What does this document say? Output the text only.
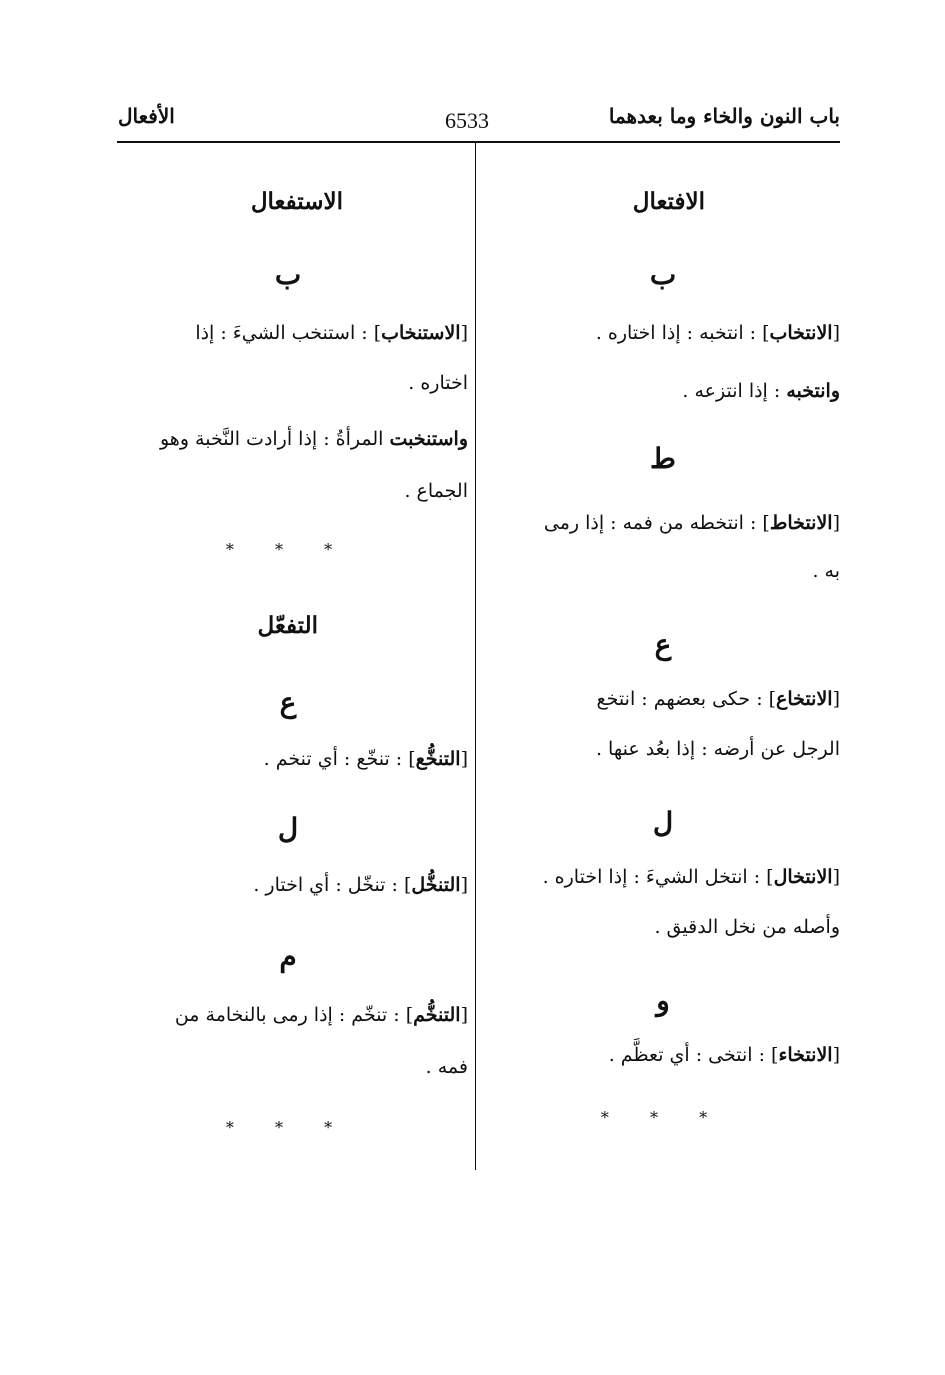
باب النون والخاء وما بعدهما
6533
الأفعال
الافتعال
ب
[الانتخاب] : انتخبه : إذا اختاره .
وانتخبه : إذا انتزعه .
ط
[الانتخاط] : انتخطه من فمه : إذا رمى
به .
ع
[الانتخاع] : حكى بعضهم : انتخع
الرجل عن أرضه : إذا بعُد عنها .
ل
[الانتخال] : انتخل الشيءَ : إذا اختاره .
وأصله من نخل الدقيق .
و
[الانتخاء] : انتخى : أي تعظَّم .
* * *
الاستفعال
ب
[الاستنخاب] : استنخب الشيءَ : إذا
اختاره .
واستنخبت المرأةُ : إذا أرادت النَّخبة وهو
الجماع .
* * *
التفعّل
ع
[التنخُّع] : تنخّع : أي تنخم .
ل
[التنخُّل] : تنخّل : أي اختار .
م
[التنخُّم] : تنخّم : إذا رمى بالنخامة من
فمه .
* * *
